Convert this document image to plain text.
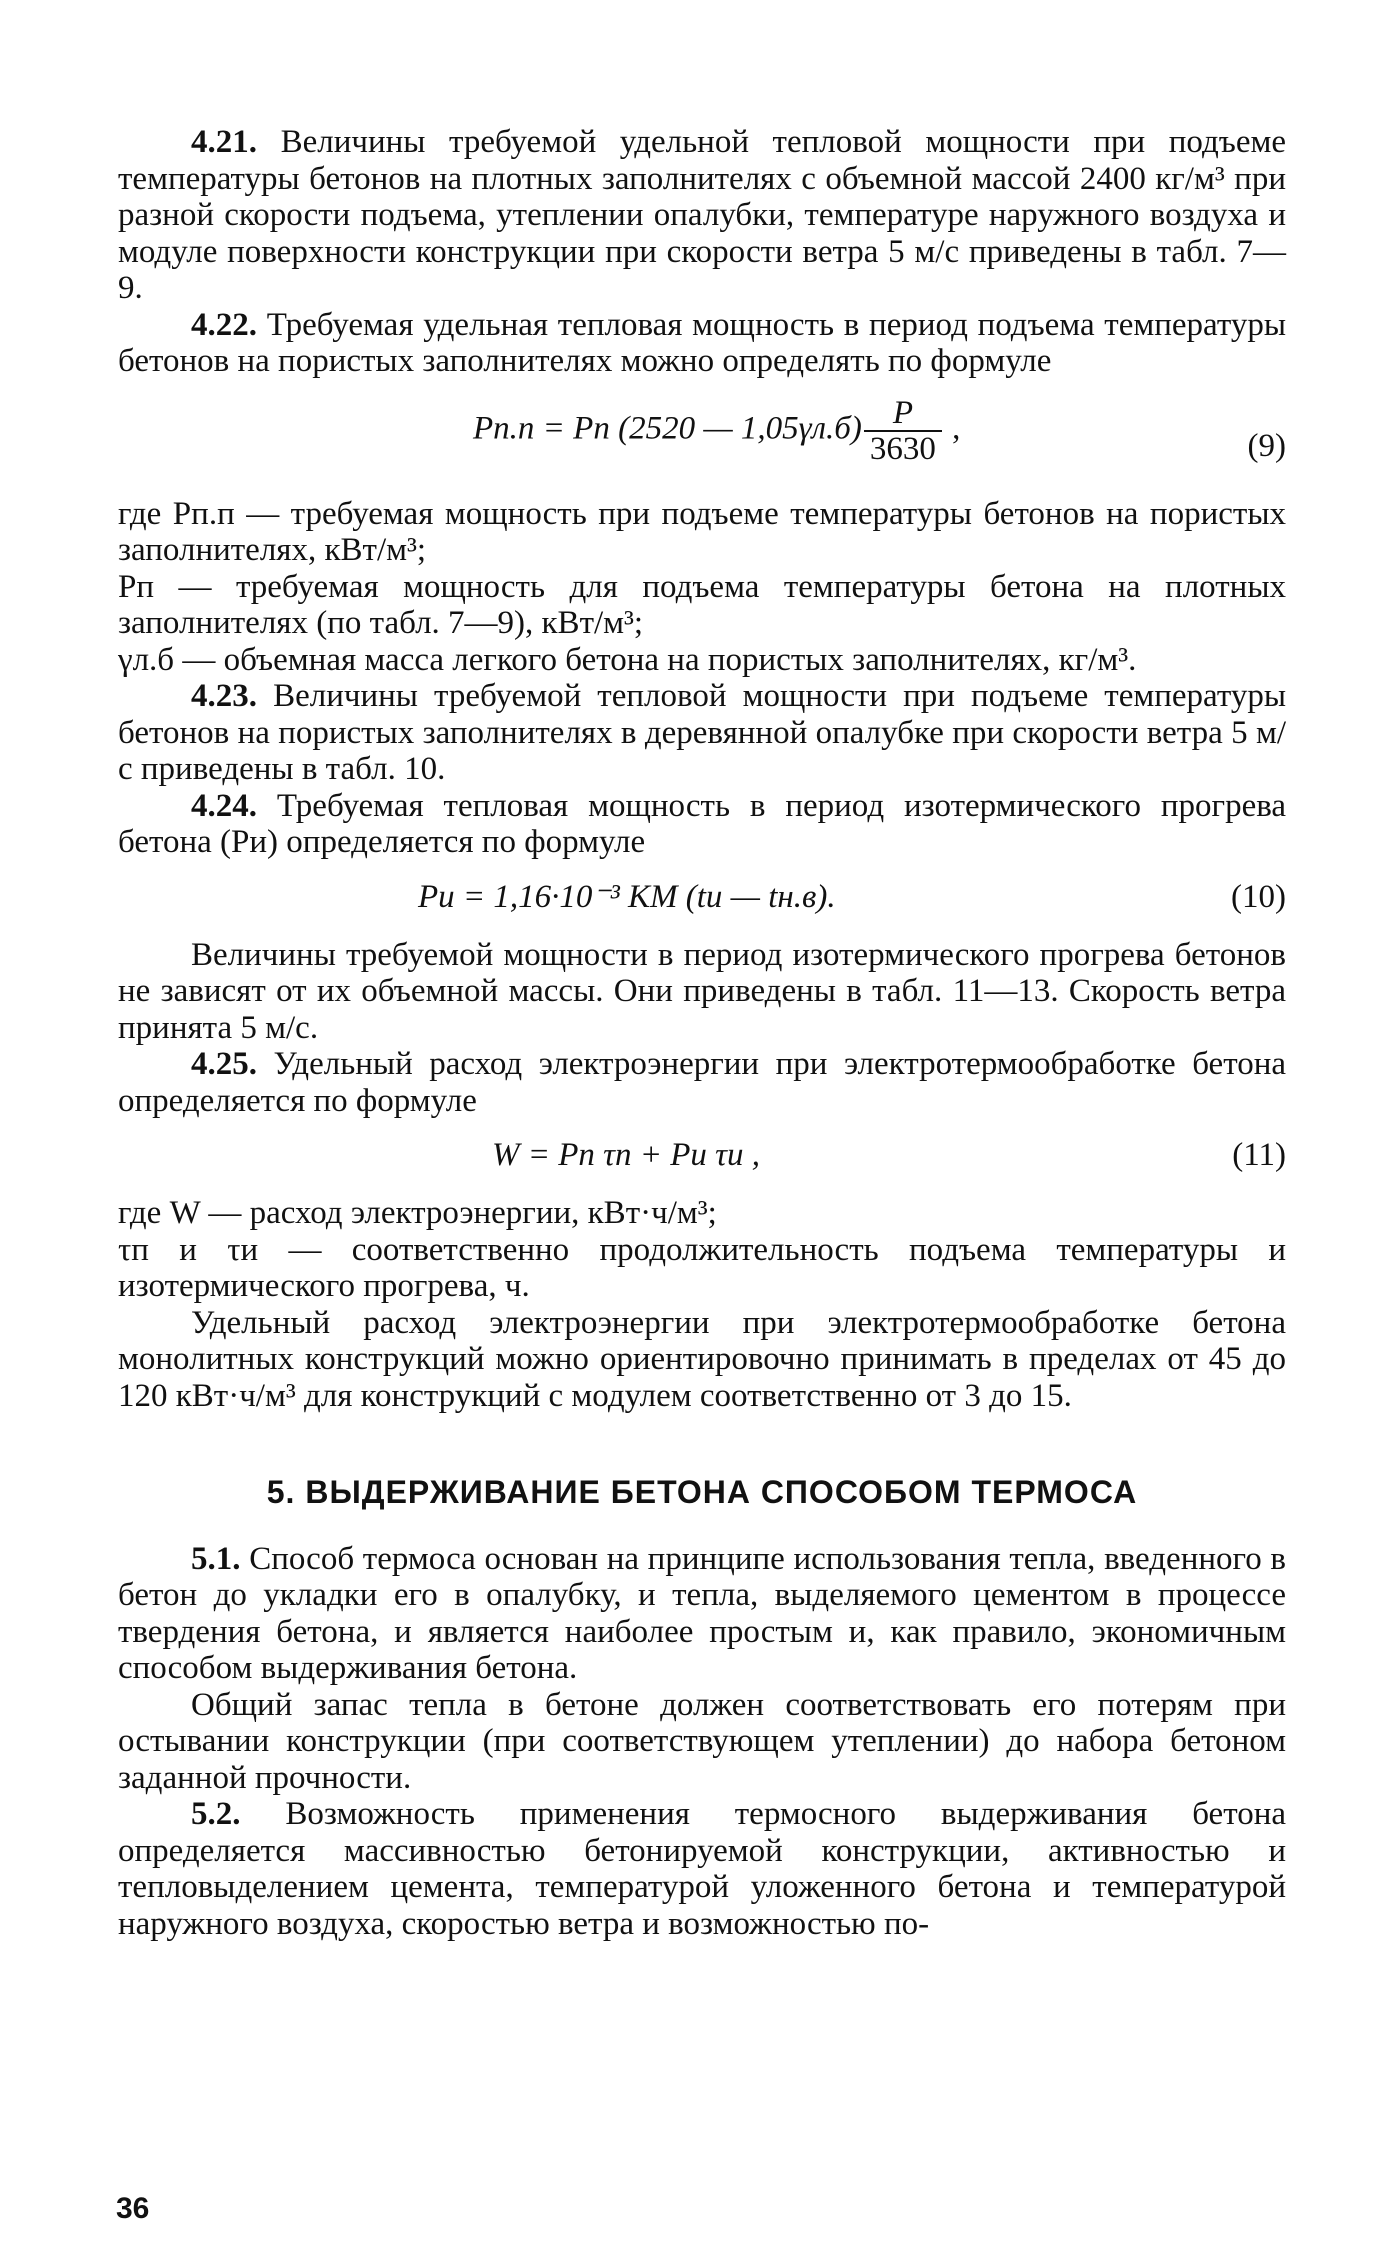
4.21. Величины требуемой удельной тепловой мощности при подъеме температуры бетонов на плотных заполнителях с объемной массой 2400 кг/м³ при разной скорости подъема, утеплении опалубки, температуре наружного воздуха и модуле поверхности конструкции при скорости ветра 5 м/с приведены в табл. 7—9.

4.22. Требуемая удельная тепловая мощность в период подъема температуры бетонов на пористых заполнителях можно определять по формуле

Pп.п = Pп (2520 — $1,05\gamma л.б) \frac{P}{3630}$ ,	(9)

где Pп.п — требуемая мощность при подъеме температуры бетонов на пористых заполнителях, кВт/м³;

Pп — требуемая мощность для подъема температуры бетона на плотных заполнителях (по табл. 7—9), кВт/м³;

γл.б — объемная масса легкого бетона на пористых заполнителях, кг/м³.

4.23. Величины требуемой тепловой мощности при подъеме температуры бетонов на пористых заполнителях в деревянной опалубке при скорости ветра 5 м/с приведены в табл. 10.

4.24. Требуемая тепловая мощность в период изотермического прогрева бетона (Pи) определяется по формуле

Pи = 1,16·10⁻³ KM (tи — tн.в).	(10)

Величины требуемой мощности в период изотермического прогрева бетонов не зависят от их объемной массы. Они приведены в табл. 11—13. Скорость ветра принята 5 м/с.

4.25. Удельный расход электроэнергии при электротермообработке бетона определяется по формуле

W = Pп τп + Pи τи ,	(11)

где W — расход электроэнергии, кВт·ч/м³;

τп и τи — соответственно продолжительность подъема температуры и изотермического прогрева, ч.

Удельный расход электроэнергии при электротермообработке бетона монолитных конструкций можно ориентировочно принимать в пределах от 45 до 120 кВт·ч/м³ для конструкций с модулем соответственно от 3 до 15.

5. ВЫДЕРЖИВАНИЕ БЕТОНА СПОСОБОМ ТЕРМОСА

5.1. Способ термоса основан на принципе использования тепла, введенного в бетон до укладки его в опалубку, и тепла, выделяемого цементом в процессе твердения бетона, и является наиболее простым и, как правило, экономичным способом выдерживания бетона.

Общий запас тепла в бетоне должен соответствовать его потерям при остывании конструкции (при соответствующем утеплении) до набора бетоном заданной прочности.

5.2. Возможность применения термосного выдерживания бетона определяется массивностью бетонируемой конструкции, активностью и тепловыделением цемента, температурой уложенного бетона и температурой наружного воздуха, скоростью ветра и возможностью по-

36
